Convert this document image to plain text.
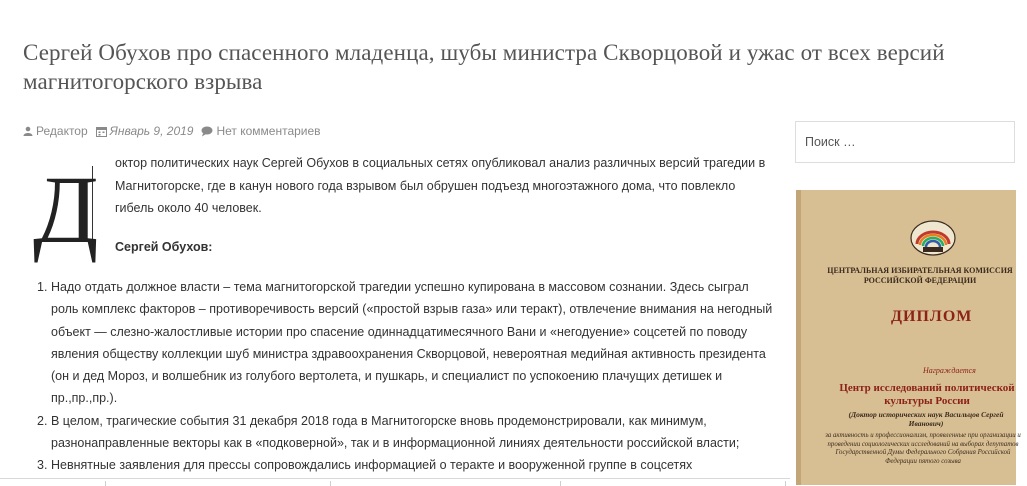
Сергей Обухов про спасенного младенца, шубы министра Скворцовой и ужас от всех версий магнитогорского взрыва
Редактор Январь 9, 2019 Нет комментариев
Д октор политических наук Сергей Обухов в социальных сетях опубликовал анализ различных версий трагедии в Магнитогорске, где в канун нового года взрывом был обрушен подъезд многоэтажного дома, что повлекло гибель около 40 человек.

Сергей Обухов:
1. Надо отдать должное власти – тема магнитогорской трагедии успешно купирована в массовом сознании. Здесь сыграл роль комплекс факторов – противоречивость версий («простой взрыв газа» или теракт), отвлечение внимания на негодный объект — слезно-жалостливые истории про спасение одиннадцатимесячного Вани и «негодуение» соцсетей по поводу явления обществу коллекции шуб министра здравоохранения Скворцовой, невероятная медийная активность президента (он и дед Мороз, и волшебник из голубого вертолета, и пушкарь, и специалист по успокоению плачущих детишек и пр.,пр.,пр.).
2. В целом, трагические события 31 декабря 2018 года в Магнитогорске вновь продемонстрировали, как минимум, разнонаправленные векторы как в «подковерной», так и в информационной линиях деятельности российской власти;
3. Невнятные заявления для прессы сопровождались информацией о теракте и вооруженной группе в соцсетях
Поиск …
ЦЕНТРАЛЬНАЯ ИЗБИРАТЕЛЬНАЯ КОМИССИЯ РОССИЙСКОЙ ФЕДЕРАЦИИ
ДИПЛОМ
Награждается
Центр исследований политической культуры России
(Доктор исторических наук Васильцов Сергей Иванович)
за активность и профессионализм, проявленные при организации и проведении социологических исследований на выборах депутатов Государственной Думы Федерального Собрания Российской Федерации пятого созыва
